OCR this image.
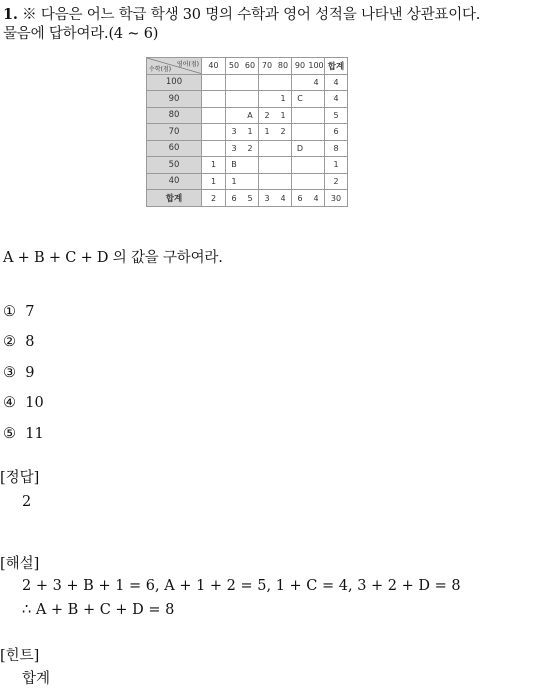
1. ※ 다음은 어느 학급 학생 30 명의 수학과 영어 성적을 나타낸 상관표이다.
물음에 답하여라.(4 ~ 6)
영어(점)
수학(점)	40	50	60	70	80	90	100	합계
100							4	4
90					1	C		4
80			A	2	1			5
70		3	1	1	2			6
60		3	2			D		8
50	1	B						1
40	1	1						2
합계	2	6	5	3	4	6	4	30
A + B + C + D 의 값을 구하여라.
① 7
② 8
③ 9
④ 10
⑤ 11
[정답]
2
[해설]
2 + 3 + B + 1 = 6, A + 1 + 2 = 5, 1 + C = 4, 3 + 2 + D = 8
∴ A + B + C + D = 8
[힌트]
합계
